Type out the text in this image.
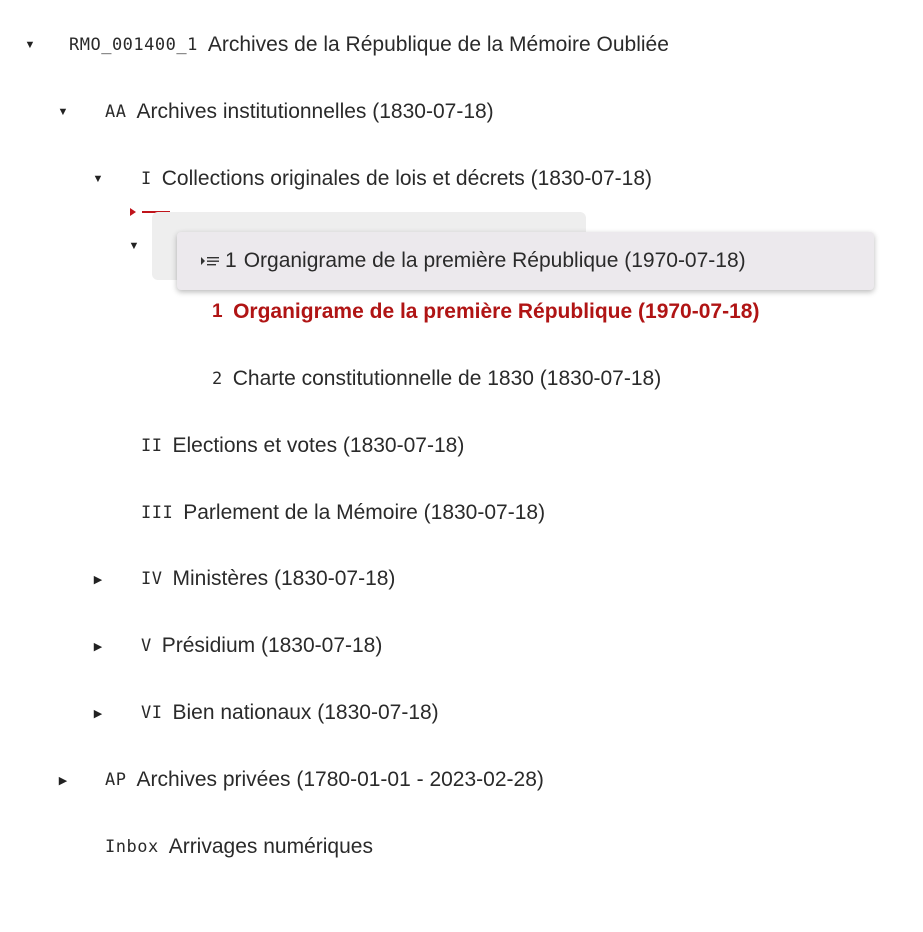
▼ RMO_001400_1 Archives de la République de la Mémoire Oubliée
▼ AA Archives institutionnelles (1830-07-18)
▼ I Collections originales de lois et décrets (1830-07-18)
▼
1 Organigrame de la première République (1970-07-18)
1 Organigrame de la première République (1970-07-18)
2 Charte constitutionnelle de 1830 (1830-07-18)
II Elections et votes (1830-07-18)
III Parlement de la Mémoire (1830-07-18)
▶ IV Ministères (1830-07-18)
▶ V Présidium (1830-07-18)
▶ VI Bien nationaux (1830-07-18)
▶ AP Archives privées (1780-01-01 - 2023-02-28)
Inbox Arrivages numériques
